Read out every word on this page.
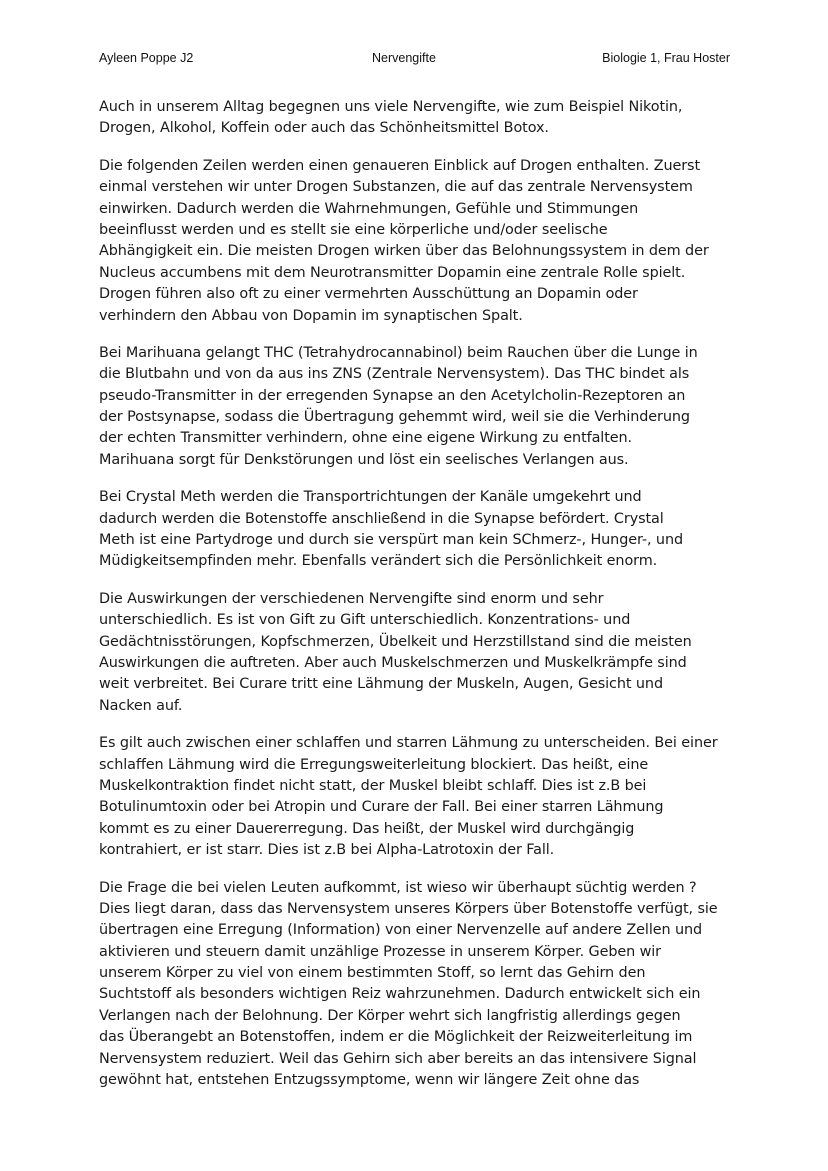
Ayleen Poppe J2	Nervengifte	Biologie 1, Frau Hoster
Auch in unserem Alltag begegnen uns viele Nervengifte, wie zum Beispiel Nikotin,
Drogen, Alkohol, Koffein oder auch das Schönheitsmittel Botox.
Die folgenden Zeilen werden einen genaueren Einblick auf Drogen enthalten. Zuerst
einmal verstehen wir unter Drogen Substanzen, die auf das zentrale Nervensystem
einwirken. Dadurch werden die Wahrnehmungen, Gefühle und Stimmungen
beeinflusst werden und es stellt sie eine körperliche und/oder seelische
Abhängigkeit ein. Die meisten Drogen wirken über das Belohnungssystem in dem der
Nucleus accumbens mit dem Neurotransmitter Dopamin eine zentrale Rolle spielt.
Drogen führen also oft zu einer vermehrten Ausschüttung an Dopamin oder
verhindern den Abbau von Dopamin im synaptischen Spalt.
Bei Marihuana gelangt THC (Tetrahydrocannabinol) beim Rauchen über die Lunge in
die Blutbahn und von da aus ins ZNS (Zentrale Nervensystem). Das THC bindet als
pseudo-Transmitter in der erregenden Synapse an den Acetylcholin-Rezeptoren an
der Postsynapse, sodass die Übertragung gehemmt wird, weil sie die Verhinderung
der echten Transmitter verhindern, ohne eine eigene Wirkung zu entfalten.
Marihuana sorgt für Denkstörungen und löst ein seelisches Verlangen aus.
Bei Crystal Meth werden die Transportrichtungen der Kanäle umgekehrt und
dadurch werden die Botenstoffe anschließend in die Synapse befördert. Crystal
Meth ist eine Partydroge und durch sie verspürt man kein SChmerz-, Hunger-, und
Müdigkeitsempfinden mehr. Ebenfalls verändert sich die Persönlichkeit enorm.
Die Auswirkungen der verschiedenen Nervengifte sind enorm und sehr
unterschiedlich. Es ist von Gift zu Gift unterschiedlich. Konzentrations- und
Gedächtnisstörungen, Kopfschmerzen, Übelkeit und Herzstillstand sind die meisten
Auswirkungen die auftreten. Aber auch Muskelschmerzen und Muskelkrämpfe sind
weit verbreitet. Bei Curare tritt eine Lähmung der Muskeln, Augen, Gesicht und
Nacken auf.
Es gilt auch zwischen einer schlaffen und starren Lähmung zu unterscheiden. Bei einer
schlaffen Lähmung wird die Erregungsweiterleitung blockiert. Das heißt, eine
Muskelkontraktion findet nicht statt, der Muskel bleibt schlaff. Dies ist z.B bei
Botulinumtoxin oder bei Atropin und Curare der Fall. Bei einer starren Lähmung
kommt es zu einer Dauererregung. Das heißt, der Muskel wird durchgängig
kontrahiert, er ist starr. Dies ist z.B bei Alpha-Latrotoxin der Fall.
Die Frage die bei vielen Leuten aufkommt, ist wieso wir überhaupt süchtig werden ?
Dies liegt daran, dass das Nervensystem unseres Körpers über Botenstoffe verfügt, sie
übertragen eine Erregung (Information) von einer Nervenzelle auf andere Zellen und
aktivieren und steuern damit unzählige Prozesse in unserem Körper. Geben wir
unserem Körper zu viel von einem bestimmten Stoff, so lernt das Gehirn den
Suchtstoff als besonders wichtigen Reiz wahrzunehmen. Dadurch entwickelt sich ein
Verlangen nach der Belohnung. Der Körper wehrt sich langfristig allerdings gegen
das Überangebt an Botenstoffen, indem er die Möglichkeit der Reizweiterleitung im
Nervensystem reduziert. Weil das Gehirn sich aber bereits an das intensivere Signal
gewöhnt hat, entstehen Entzugssymptome, wenn wir längere Zeit ohne das
